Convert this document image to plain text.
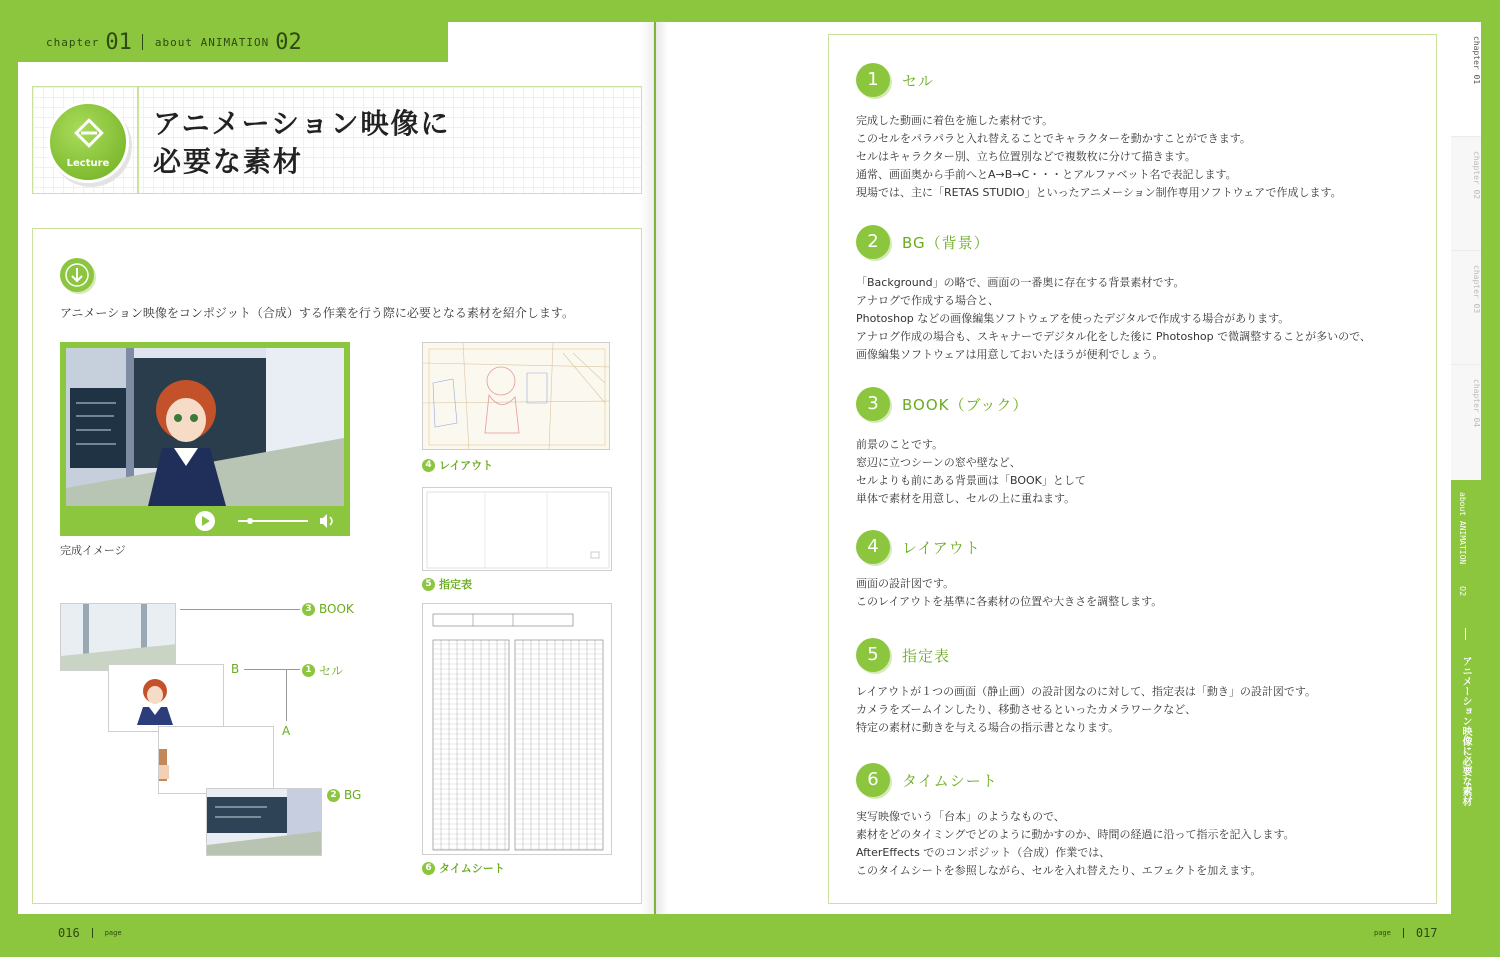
chapter 01 about ANIMATION 02
Lecture
アニメーション映像に
必要な素材
アニメーション映像をコンポジット（合成）する作業を行う際に必要となる素材を紹介します。
完成イメージ
4 レイアウト
5 指定表
6 タイムシート
3 BOOK
B	1 セル
A
2 BG
1	セル

完成した動画に着色を施した素材です。

このセルをパラパラと入れ替えることでキャラクターを動かすことができます。

セルはキャラクター別、立ち位置別などで複数枚に分けて描きます。

通常、画面奥から手前へとA→B→C・・・とアルファベット名で表記します。

現場では、主に「RETAS STUDIO」といったアニメーション制作専用ソフトウェアで作成します。

2	BG（背景）

「Background」の略で、画面の一番奥に存在する背景素材です。

アナログで作成する場合と、

Photoshop などの画像編集ソフトウェアを使ったデジタルで作成する場合があります。

アナログ作成の場合も、スキャナーでデジタル化をした後に Photoshop で微調整することが多いので、

画像編集ソフトウェアは用意しておいたほうが便利でしょう。

3	BOOK（ブック）

前景のことです。

窓辺に立つシーンの窓や壁など、

セルよりも前にある背景画は「BOOK」として

単体で素材を用意し、セルの上に重ねます。

4	レイアウト

画面の設計図です。

このレイアウトを基準に各素材の位置や大きさを調整します。

5	指定表

レイアウトが１つの画面（静止画）の設計図なのに対して、指定表は「動き」の設計図です。

カメラをズームインしたり、移動させるといったカメラワークなど、

特定の素材に動きを与える場合の指示書となります。

6	タイムシート

実写映像でいう「台本」のようなもので、

素材をどのタイミングでどのように動かすのか、時間の経過に沿って指示を記入します。

AfterEffects でのコンポジット（合成）作業では、

このタイムシートを参照しながら、セルを入れ替えたり、エフェクトを加えます。

chapter 01
chapter 02
chapter 03
chapter 04
about ANIMATION
02
アニメーション映像に必要な素材
016	page	page 017
